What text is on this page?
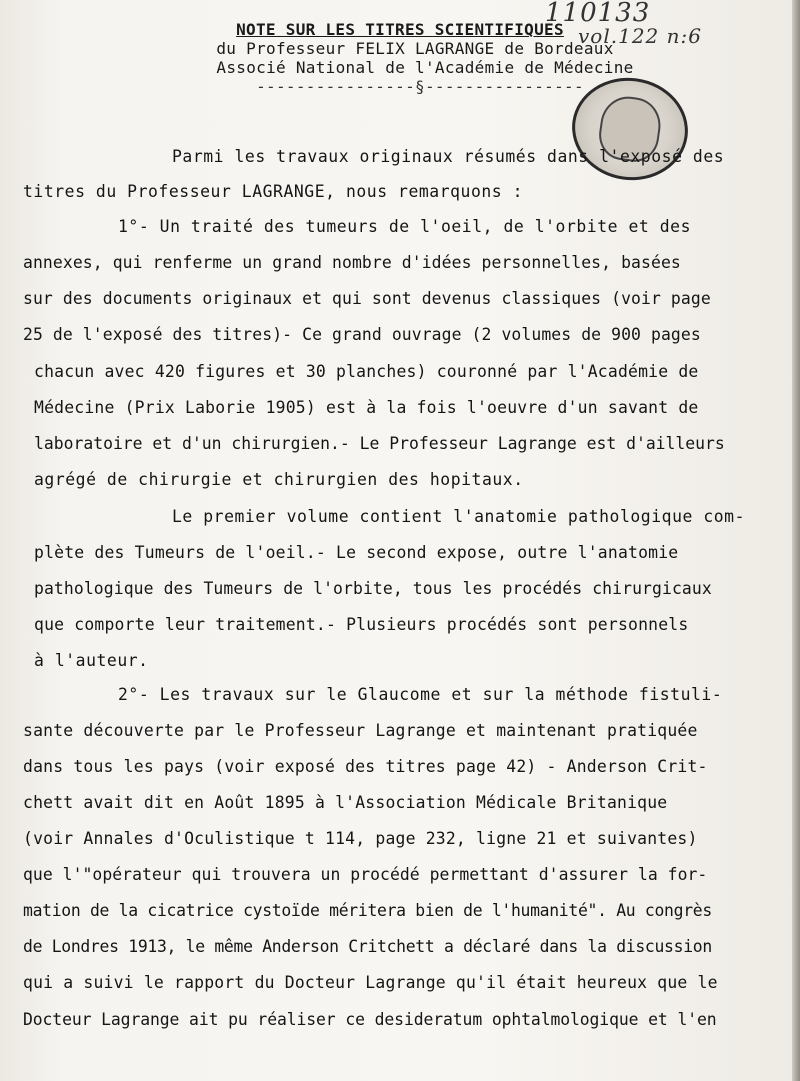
110133
vol.122 n:6
NOTE SUR LES TITRES SCIENTIFIQUES
du Professeur FELIX LAGRANGE de Bordeaux
Associé National de l'Académie de Médecine
----------------§----------------
Parmi les travaux originaux résumés dans l'exposé des
titres du Professeur LAGRANGE, nous remarquons :
1°- Un traité des tumeurs de l'oeil, de l'orbite et des
annexes, qui renferme un grand nombre d'idées personnelles, basées
sur des documents originaux et qui sont devenus classiques (voir page
25 de l'exposé des titres)- Ce grand ouvrage (2 volumes de 900 pages
chacun avec 420 figures et 30 planches) couronné par l'Académie de
Médecine (Prix Laborie 1905) est à la fois l'oeuvre d'un savant de
laboratoire et d'un chirurgien.- Le Professeur Lagrange est d'ailleurs
agrégé de chirurgie et chirurgien des hopitaux.
Le premier volume contient l'anatomie pathologique com-
plète des Tumeurs de l'oeil.- Le second expose, outre l'anatomie
pathologique des Tumeurs de l'orbite, tous les procédés chirurgicaux
que comporte leur traitement.- Plusieurs procédés sont personnels
à l'auteur.
2°- Les travaux sur le Glaucome et sur la méthode fistuli-
sante découverte par le Professeur Lagrange et maintenant pratiquée
dans tous les pays (voir exposé des titres page 42) - Anderson Crit-
chett avait dit en Août 1895 à l'Association Médicale Britanique
(voir Annales d'Oculistique t 114, page 232, ligne 21 et suivantes)
que l'"opérateur qui trouvera un procédé permettant d'assurer la for-
mation de la cicatrice cystoïde méritera bien de l'humanité". Au congrès
de Londres 1913, le même Anderson Critchett a déclaré dans la discussion
qui a suivi le rapport du Docteur Lagrange qu'il était heureux que le
Docteur Lagrange ait pu réaliser ce desideratum ophtalmologique et l'en
